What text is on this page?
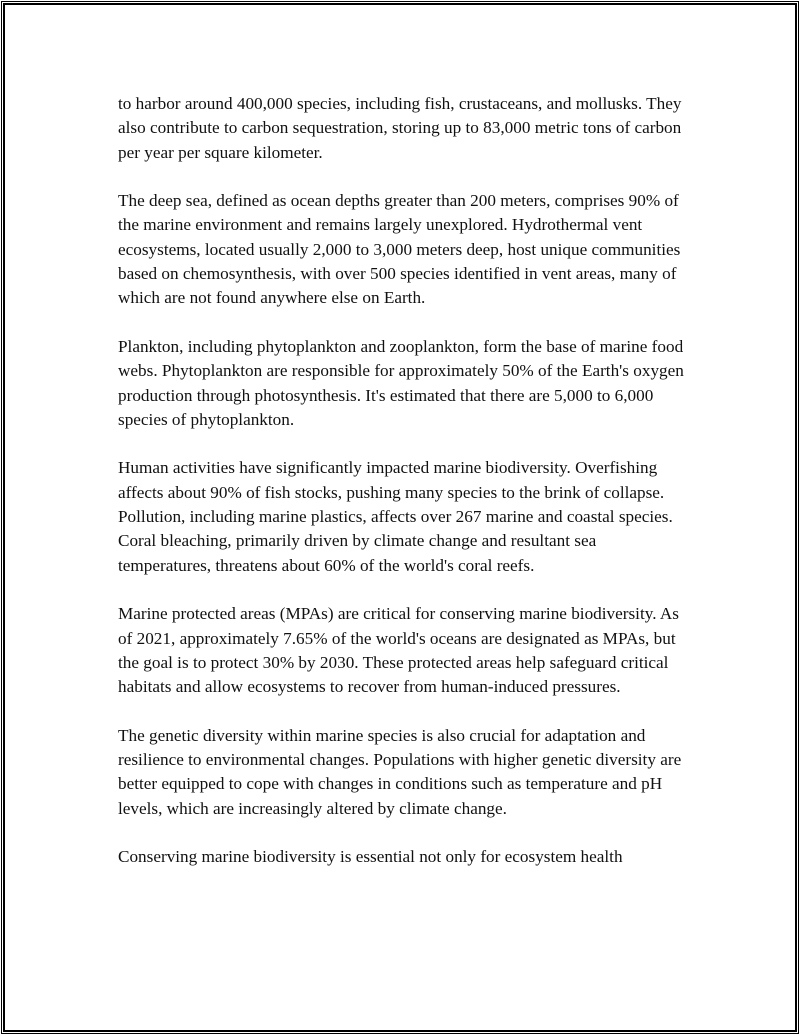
to harbor around 400,000 species, including fish, crustaceans, and mollusks. They also contribute to carbon sequestration, storing up to 83,000 metric tons of carbon per year per square kilometer.

The deep sea, defined as ocean depths greater than 200 meters, comprises 90% of the marine environment and remains largely unexplored. Hydrothermal vent ecosystems, located usually 2,000 to 3,000 meters deep, host unique communities based on chemosynthesis, with over 500 species identified in vent areas, many of which are not found anywhere else on Earth.

Plankton, including phytoplankton and zooplankton, form the base of marine food webs. Phytoplankton are responsible for approximately 50% of the Earth's oxygen production through photosynthesis. It's estimated that there are 5,000 to 6,000 species of phytoplankton.

Human activities have significantly impacted marine biodiversity. Overfishing affects about 90% of fish stocks, pushing many species to the brink of collapse. Pollution, including marine plastics, affects over 267 marine and coastal species. Coral bleaching, primarily driven by climate change and resultant sea temperatures, threatens about 60% of the world's coral reefs.

Marine protected areas (MPAs) are critical for conserving marine biodiversity. As of 2021, approximately 7.65% of the world's oceans are designated as MPAs, but the goal is to protect 30% by 2030. These protected areas help safeguard critical habitats and allow ecosystems to recover from human-induced pressures.

The genetic diversity within marine species is also crucial for adaptation and resilience to environmental changes. Populations with higher genetic diversity are better equipped to cope with changes in conditions such as temperature and pH levels, which are increasingly altered by climate change.

Conserving marine biodiversity is essential not only for ecosystem health
